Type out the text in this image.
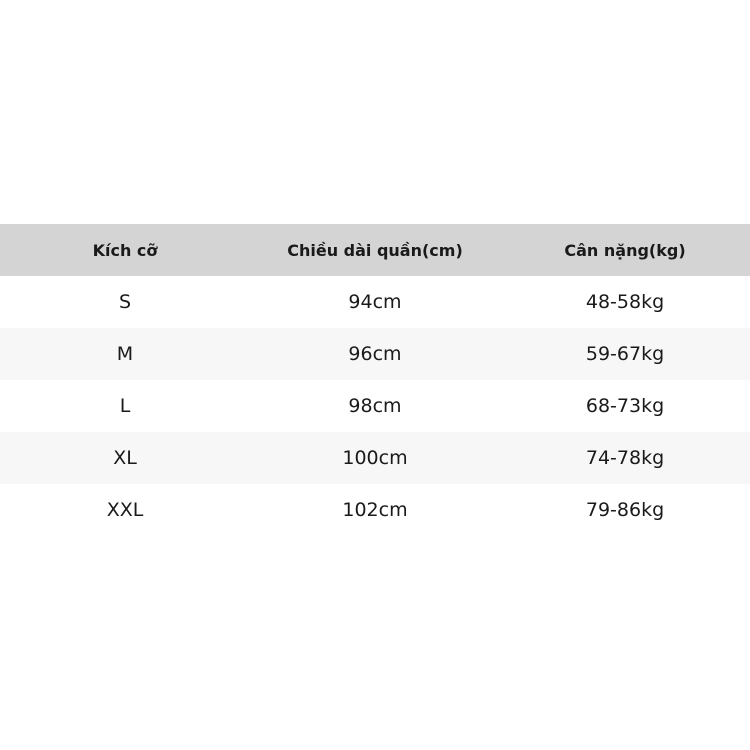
Kích cỡ	Chiều dài quần(cm)	Cân nặng(kg)
S	94cm	48-58kg
M	96cm	59-67kg
L	98cm	68-73kg
XL	100cm	74-78kg
XXL	102cm	79-86kg
